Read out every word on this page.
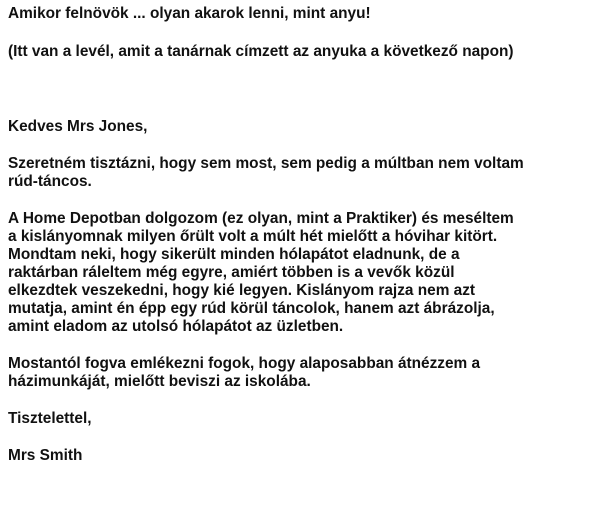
Amikor felnövök ... olyan akarok lenni, mint anyu!
(Itt van a levél, amit a tanárnak címzett az anyuka a következő napon)
Kedves Mrs Jones,
Szeretném tisztázni, hogy sem most, sem pedig a múltban nem voltam
rúd-táncos.
A Home Depotban dolgozom (ez olyan, mint a Praktiker) és meséltem
a kislányomnak milyen őrült volt a múlt hét mielőtt a hóvihar kitört.
Mondtam neki, hogy sikerült minden hólapátot eladnunk, de a
raktárban ráleltem még egyre, amiért többen is a vevők közül
elkezdtek veszekedni, hogy kié legyen. Kislányom rajza nem azt
mutatja, amint én épp egy rúd körül táncolok, hanem azt ábrázolja,
amint eladom az utolsó hólapátot az üzletben.
Mostantól fogva emlékezni fogok, hogy alaposabban átnézzem a
házimunkáját, mielőtt beviszi az iskolába.
Tisztelettel,
Mrs Smith
